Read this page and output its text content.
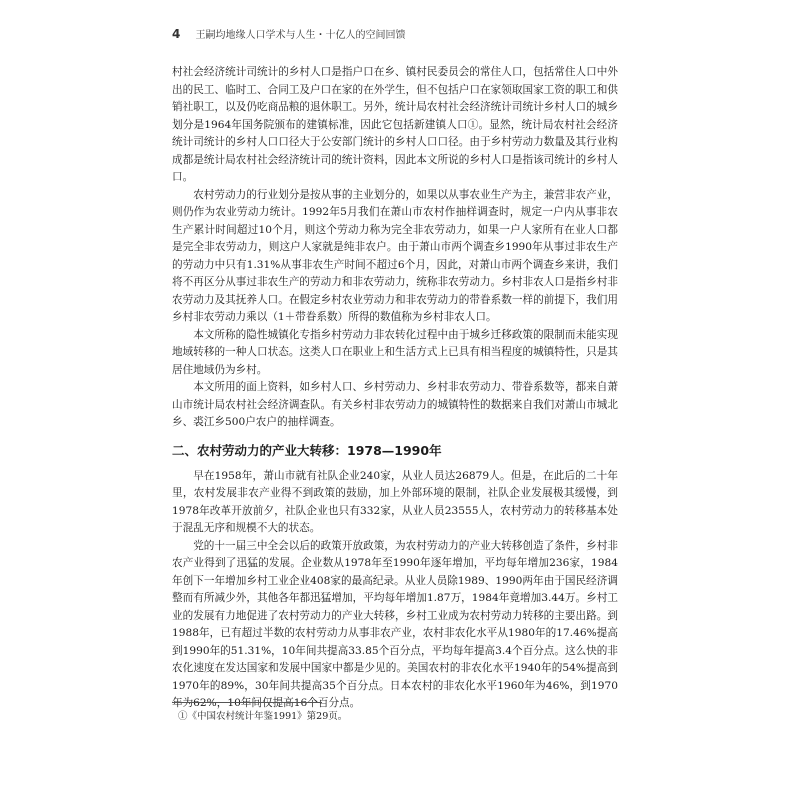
4 王嗣均地缘人口学术与人生・十亿人的空间回馈

村社会经济统计司统计的乡村人口是指户口在乡、镇村民委员会的常住人口，包括常住人口中外出的民工、临时工、合同工及户口在家的在外学生，但不包括户口在家领取国家工资的职工和供销社职工，以及仍吃商品粮的退休职工。另外，统计局农村社会经济统计司统计乡村人口的城乡划分是1964年国务院颁布的建镇标准，因此它包括新建镇人口①。显然，统计局农村社会经济统计司统计的乡村人口口径大于公安部门统计的乡村人口口径。由于乡村劳动力数量及其行业构成都是统计局农村社会经济统计司的统计资料，因此本文所说的乡村人口是指该司统计的乡村人口。

农村劳动力的行业划分是按从事的主业划分的，如果以从事农业生产为主，兼营非农产业，则仍作为农业劳动力统计。1992年5月我们在萧山市农村作抽样调查时，规定一户内从事非农生产累计时间超过10个月，则这个劳动力称为完全非农劳动力，如果一户人家所有在业人口都是完全非农劳动力，则这户人家就是纯非农户。由于萧山市两个调查乡1990年从事过非农生产的劳动力中只有1.31%从事非农生产时间不超过6个月，因此，对萧山市两个调查乡来讲，我们将不再区分从事过非农生产的劳动力和非农劳动力，统称非农劳动力。乡村非农人口是指乡村非农劳动力及其抚养人口。在假定乡村农业劳动力和非农劳动力的带眷系数一样的前提下，我们用乡村非农劳动力乘以（1＋带眷系数）所得的数值称为乡村非农人口。

本文所称的隐性城镇化专指乡村劳动力非农转化过程中由于城乡迁移政策的限制而未能实现地域转移的一种人口状态。这类人口在职业上和生活方式上已具有相当程度的城镇特性，只是其居住地域仍为乡村。

本文所用的面上资料，如乡村人口、乡村劳动力、乡村非农劳动力、带眷系数等，都来自萧山市统计局农村社会经济调查队。有关乡村非农劳动力的城镇特性的数据来自我们对萧山市城北乡、裘江乡500户农户的抽样调查。

二、农村劳动力的产业大转移：1978—1990年

早在1958年，萧山市就有社队企业240家，从业人员达26879人。但是，在此后的二十年里，农村发展非农产业得不到政策的鼓励，加上外部环境的限制，社队企业发展极其缓慢，到1978年改革开放前夕，社队企业也只有332家，从业人员23555人，农村劳动力的转移基本处于混乱无序和规模不大的状态。

党的十一届三中全会以后的政策开放政策，为农村劳动力的产业大转移创造了条件，乡村非农产业得到了迅猛的发展。企业数从1978年至1990年逐年增加，平均每年增加236家，1984年创下一年增加乡村工业企业408家的最高纪录。从业人员除1989、1990两年由于国民经济调整而有所减少外，其他各年都迅猛增加，平均每年增加1.87万，1984年竟增加3.44万。乡村工业的发展有力地促进了农村劳动力的产业大转移，乡村工业成为农村劳动力转移的主要出路。到1988年，已有超过半数的农村劳动力从事非农产业，农村非农化水平从1980年的17.46%提高到1990年的51.31%，10年间共提高33.85个百分点，平均每年提高3.4个百分点。这么快的非农化速度在发达国家和发展中国家中都是少见的。美国农村的非农化水平1940年的54%提高到1970年的89%，30年间共提高35个百分点。日本农村的非农化水平1960年为46%，到1970年为62%，10年间仅提高16个百分点。

①《中国农村统计年鉴1991》第29页。
